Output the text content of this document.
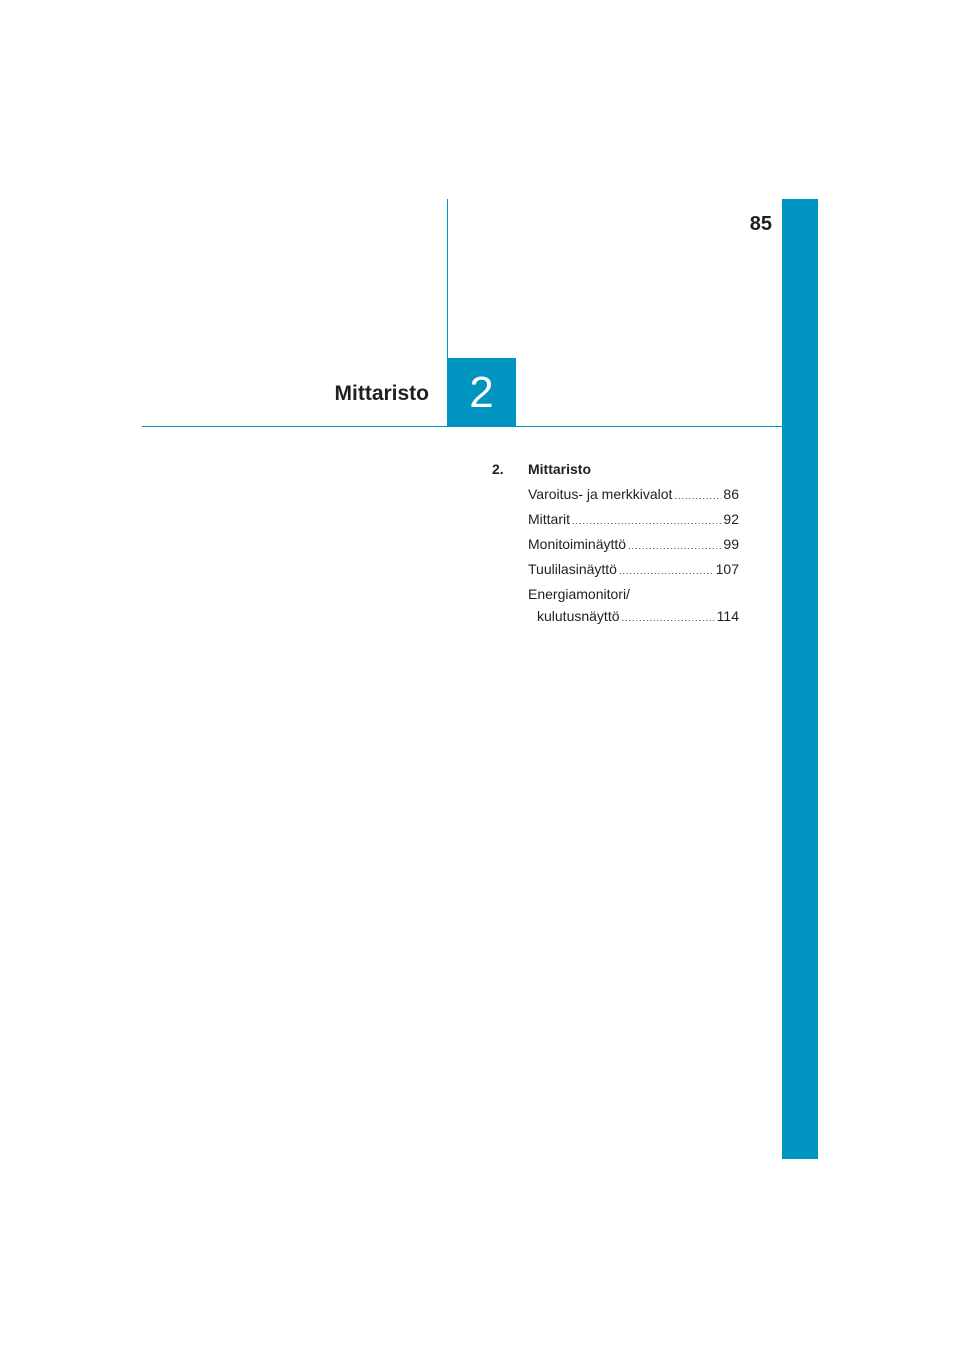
85
Mittaristo 2
2. Mittaristo
Varoitus- ja merkkivalot .....	86
Mittarit .....	92
Monitoiminäyttö .....	99
Tuulilasinäyttö .....	107
Energiamonitori/
kulutusnäyttö .....	114
